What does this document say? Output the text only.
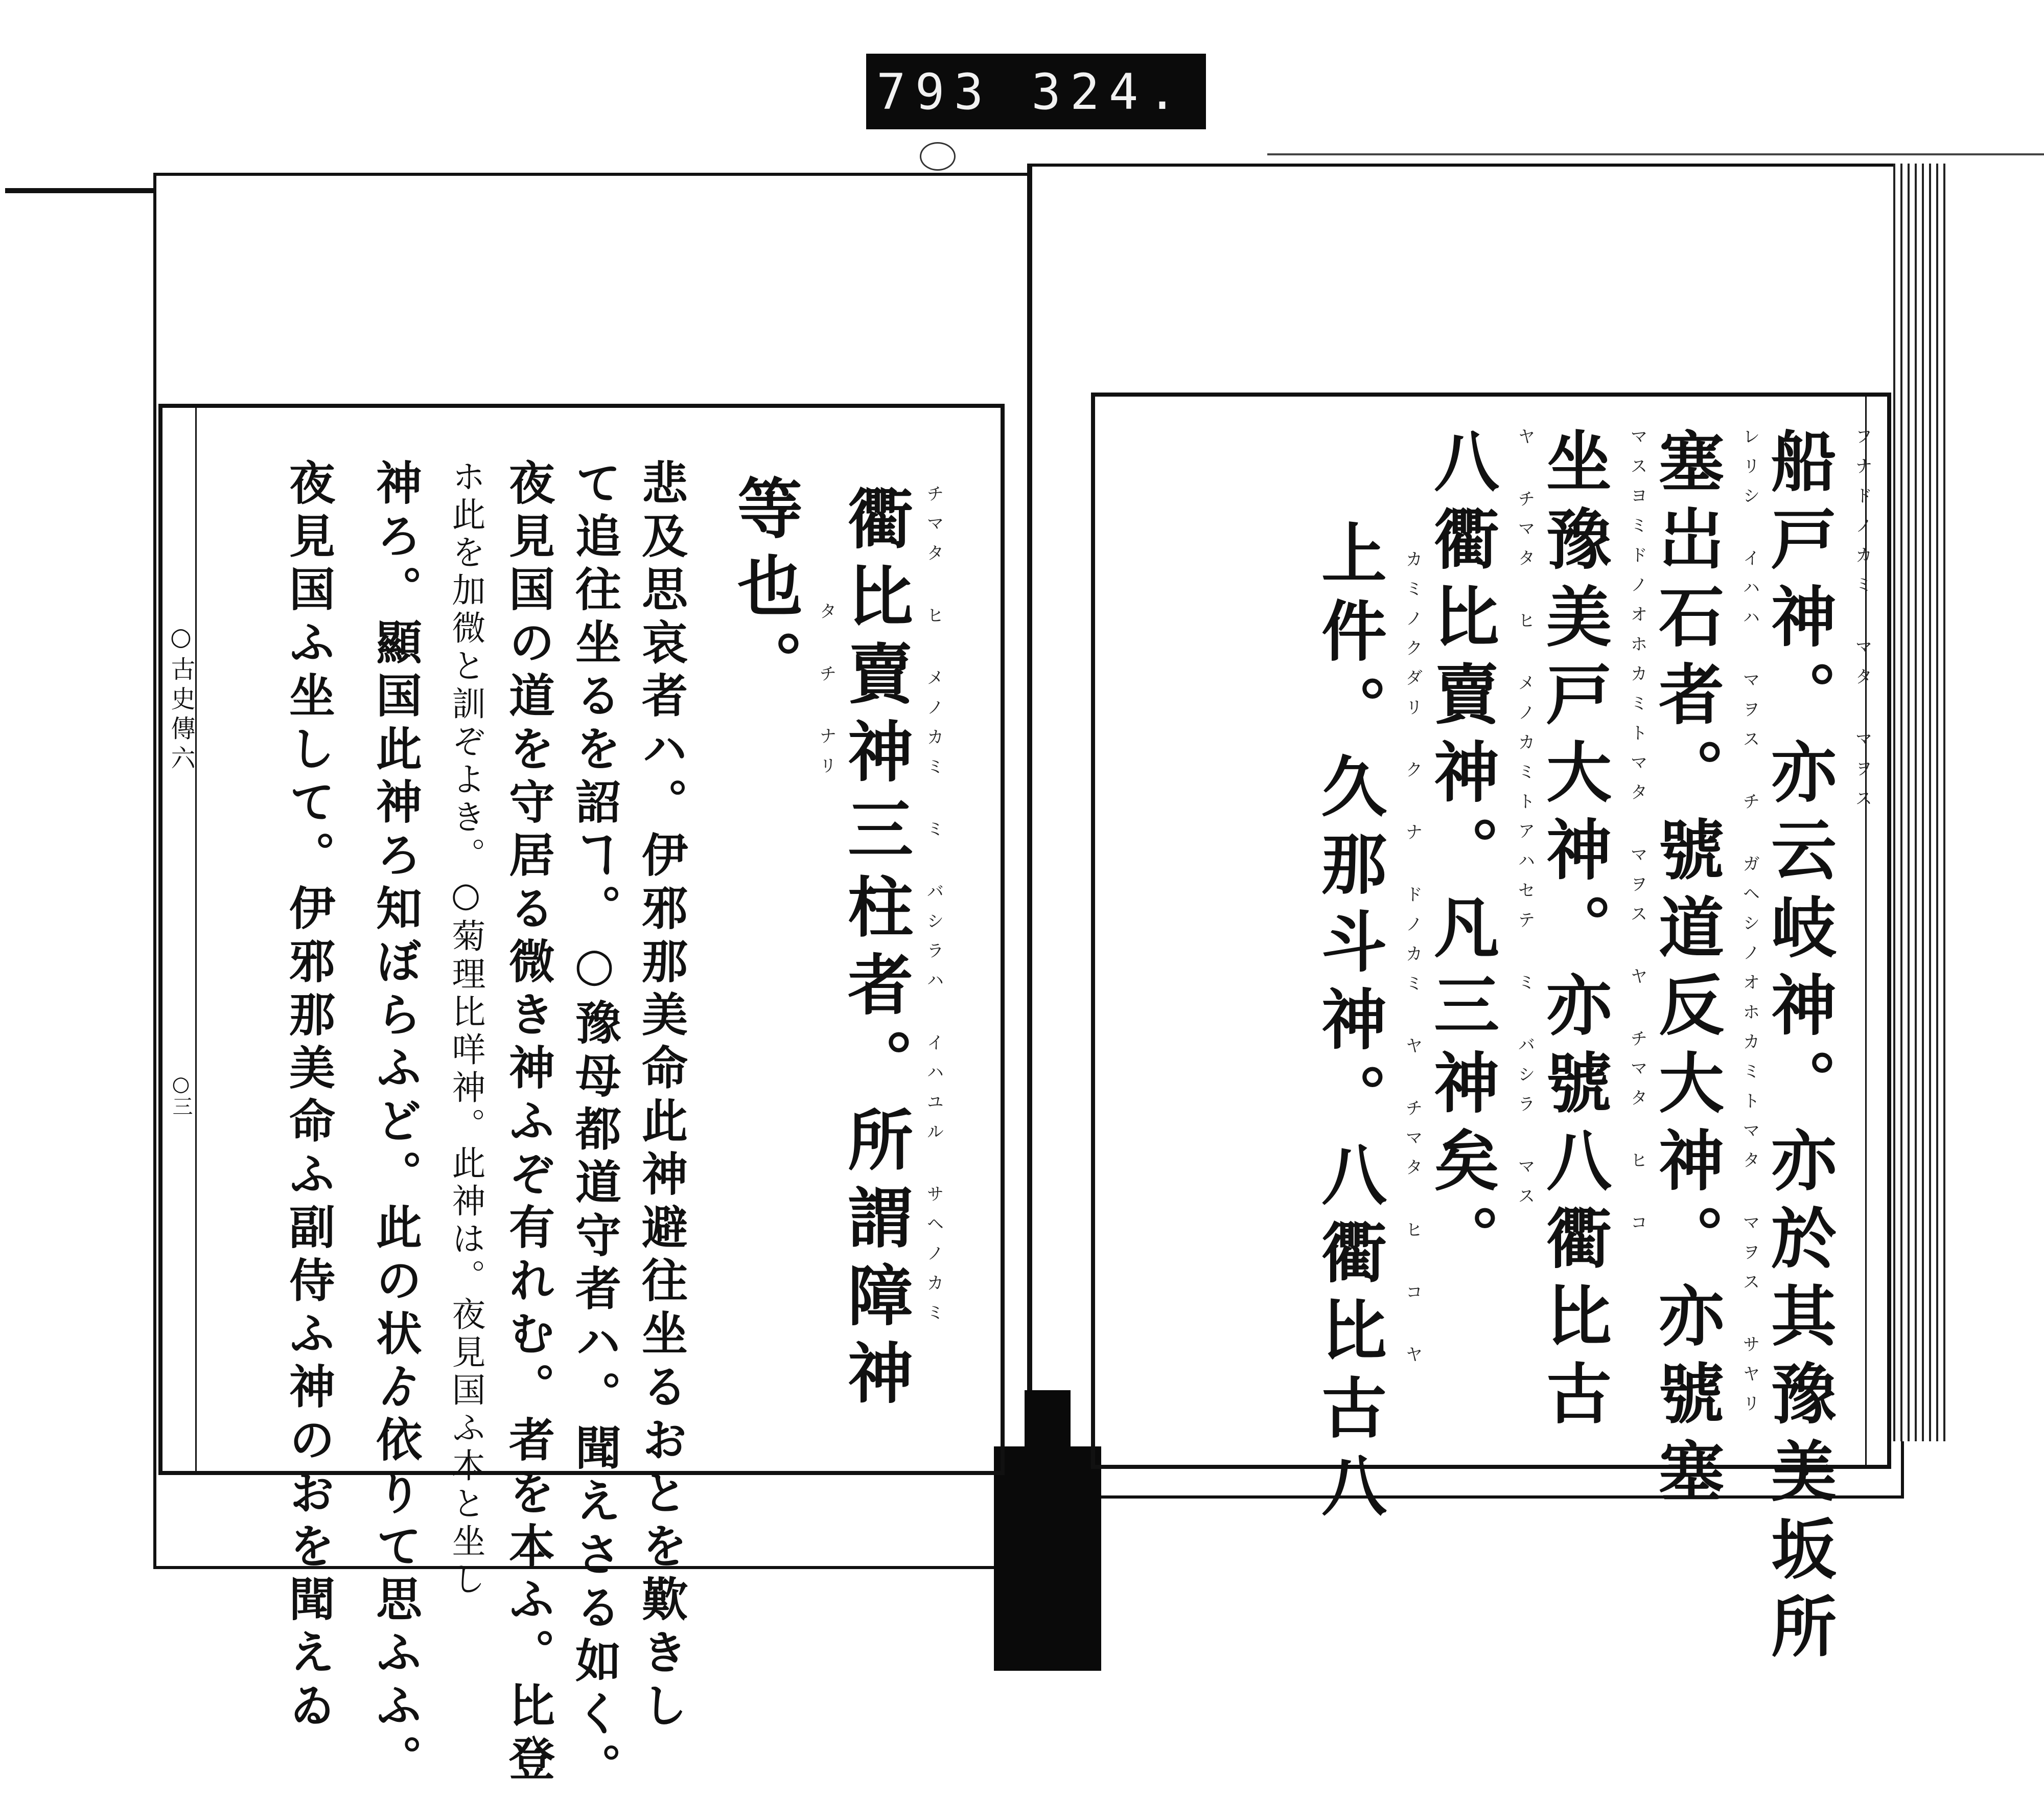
793 324.
フナドノカミ マタ マヲス
船戸神。亦云岐神。亦於其豫美坂所
レリシ イハハ マヲス チ ガヘシノオホカミトマタ マヲス サヤリ
塞岀石者。號道反大神。亦號塞
マスヨミドノオホカミトマタ マヲス ヤ チマタ ヒ コ
坐豫美戸大神。亦號八衢比古
ヤ チマタ ヒ メノカミトアハセテ ミ バシラ マス
八衢比賣神。凡三神矣。
カミノクダリ ク ナ ドノカミ ヤ チマタ ヒ コ ヤ
上件。久那斗神。八衢比古八
○古史傳六
○三	チマタ ヒ メノカミ ミ バシラハ イハユル サヘノカミ
衢比賣神三柱者。所謂障神
タ チ ナリ
等也。
悲及思哀者ハ。伊邪那美命此神避往坐るおとを歎きし
て追往坐るを詔ヿ。○豫母都道守者ハ。聞えさる如く。
夜見国の道を守居る微き神ふぞ有れむ。者を本ふ。比登
ホ此を加微と訓ぞよき。○菊理比咩神。此神は。夜見国ふ本と坐し
神ろ。顯国此神ろ知ぼらふど。此の状ゟ依りて思ふふ。
夜見国ふ坐して。伊邪那美命ふ副侍ふ神のおを聞えゐ
